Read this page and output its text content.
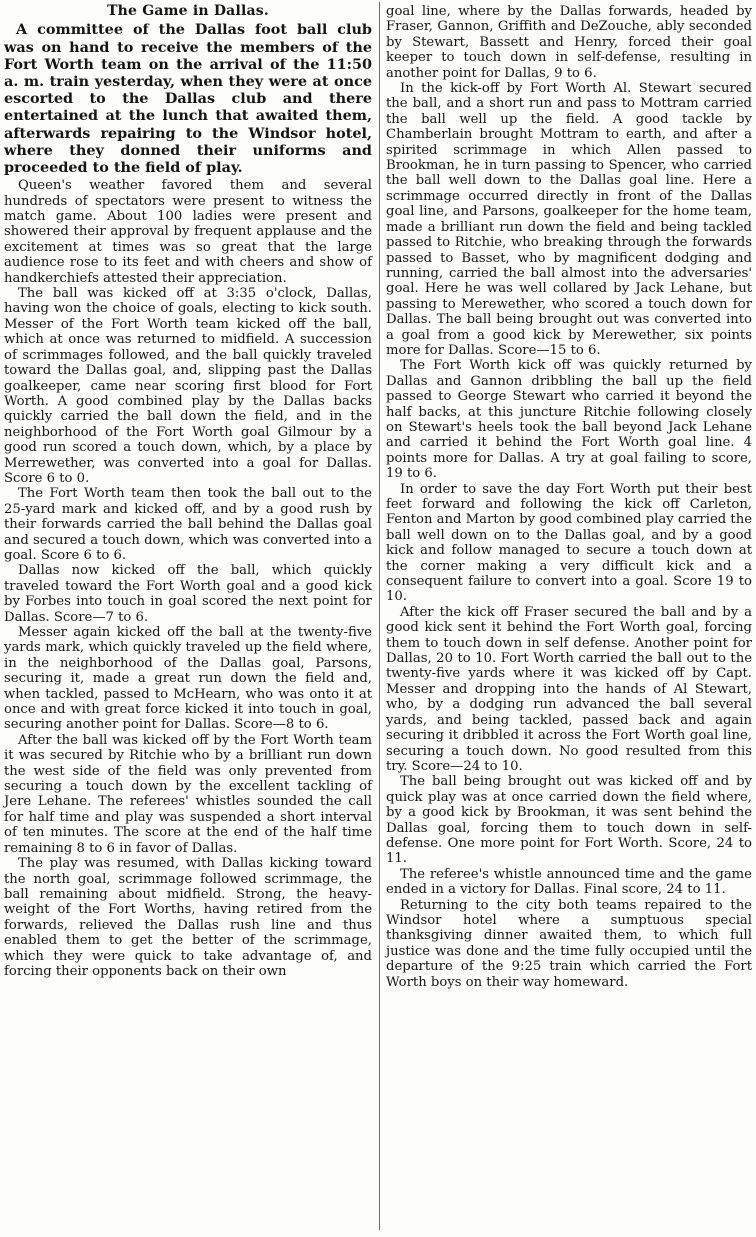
The Game in Dallas.

A committee of the Dallas foot ball club was on hand to receive the members of the Fort Worth team on the arrival of the 11:50 a. m. train yesterday, when they were at once escorted to the Dallas club and there entertained at the lunch that awaited them, afterwards repairing to the Windsor hotel, where they donned their uniforms and proceeded to the field of play.

Queen's weather favored them and several hundreds of spectators were present to witness the match game. About 100 ladies were present and showered their approval by frequent applause and the excitement at times was so great that the large audience rose to its feet and with cheers and show of handkerchiefs attested their appreciation.

The ball was kicked off at 3:35 o'clock, Dallas, having won the choice of goals, electing to kick south. Messer of the Fort Worth team kicked off the ball, which at once was returned to midfield. A succession of scrimmages followed, and the ball quickly traveled toward the Dallas goal, and, slipping past the Dallas goalkeeper, came near scoring first blood for Fort Worth. A good combined play by the Dallas backs quickly carried the ball down the field, and in the neighborhood of the Fort Worth goal Gilmour by a good run scored a touch down, which, by a place by Merrewether, was converted into a goal for Dallas. Score 6 to 0.

The Fort Worth team then took the ball out to the 25-yard mark and kicked off, and by a good rush by their forwards carried the ball behind the Dallas goal and secured a touch down, which was converted into a goal. Score 6 to 6.

Dallas now kicked off the ball, which quickly traveled toward the Fort Worth goal and a good kick by Forbes into touch in goal scored the next point for Dallas. Score—7 to 6.

Messer again kicked off the ball at the twenty-five yards mark, which quickly traveled up the field where, in the neighborhood of the Dallas goal, Parsons, securing it, made a great run down the field and, when tackled, passed to McHearn, who was onto it at once and with great force kicked it into touch in goal, securing another point for Dallas. Score—8 to 6.

After the ball was kicked off by the Fort Worth team it was secured by Ritchie who by a brilliant run down the west side of the field was only prevented from securing a touch down by the excellent tackling of Jere Lehane. The referees' whistles sounded the call for half time and play was suspended a short interval of ten minutes. The score at the end of the half time remaining 8 to 6 in favor of Dallas.

The play was resumed, with Dallas kicking toward the north goal, scrimmage followed scrimmage, the ball remaining about midfield. Strong, the heavy-weight of the Fort Worths, having retired from the forwards, relieved the Dallas rush line and thus enabled them to get the better of the scrimmage, which they were quick to take advantage of, and forcing their opponents back on their own

goal line, where by the Dallas forwards, headed by Fraser, Gannon, Griffith and DeZouche, ably seconded by Stewart, Bassett and Henry, forced their goal keeper to touch down in self-defense, resulting in another point for Dallas, 9 to 6.

In the kick-off by Fort Worth Al. Stewart secured the ball, and a short run and pass to Mottram carried the ball well up the field. A good tackle by Chamberlain brought Mottram to earth, and after a spirited scrimmage in which Allen passed to Brookman, he in turn passing to Spencer, who carried the ball well down to the Dallas goal line. Here a scrimmage occurred directly in front of the Dallas goal line, and Parsons, goalkeeper for the home team, made a brilliant run down the field and being tackled passed to Ritchie, who breaking through the forwards passed to Basset, who by magnificent dodging and running, carried the ball almost into the adversaries' goal. Here he was well collared by Jack Lehane, but passing to Merewether, who scored a touch down for Dallas. The ball being brought out was converted into a goal from a good kick by Merewether, six points more for Dallas. Score—15 to 6.

The Fort Worth kick off was quickly returned by Dallas and Gannon dribbling the ball up the field passed to George Stewart who carried it beyond the half backs, at this juncture Ritchie following closely on Stewart's heels took the ball beyond Jack Lehane and carried it behind the Fort Worth goal line. 4 points more for Dallas. A try at goal failing to score, 19 to 6.

In order to save the day Fort Worth put their best feet forward and following the kick off Carleton, Fenton and Marton by good combined play carried the ball well down on to the Dallas goal, and by a good kick and follow managed to secure a touch down at the corner making a very difficult kick and a consequent failure to convert into a goal. Score 19 to 10.

After the kick off Fraser secured the ball and by a good kick sent it behind the Fort Worth goal, forcing them to touch down in self defense. Another point for Dallas, 20 to 10. Fort Worth carried the ball out to the twenty-five yards where it was kicked off by Capt. Messer and dropping into the hands of Al Stewart, who, by a dodging run advanced the ball several yards, and being tackled, passed back and again securing it dribbled it across the Fort Worth goal line, securing a touch down. No good resulted from this try. Score—24 to 10.

The ball being brought out was kicked off and by quick play was at once carried down the field where, by a good kick by Brookman, it was sent behind the Dallas goal, forcing them to touch down in self-defense. One more point for Fort Worth. Score, 24 to 11.

The referee's whistle announced time and the game ended in a victory for Dallas. Final score, 24 to 11.

Returning to the city both teams repaired to the Windsor hotel where a sumptuous special thanksgiving dinner awaited them, to which full justice was done and the time fully occupied until the departure of the 9:25 train which carried the Fort Worth boys on their way homeward.
